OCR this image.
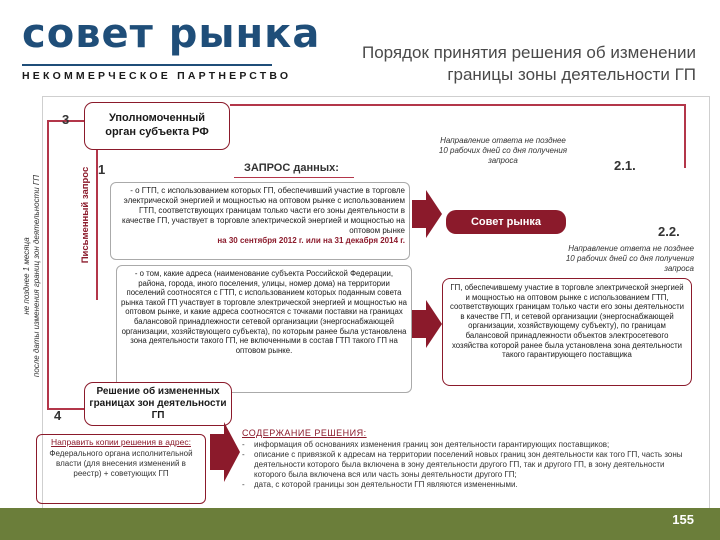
совет рынка
НЕКОММЕРЧЕСКОЕ ПАРТНЕРСТВО
Порядок принятия решения об изменении
границы зоны деятельности ГП
не позднее 1 месяца после даты изменения границ зон деятельности ГП	Письменный запрос
3
1
4
2.1.
2.2.
Уполномоченный
орган субъекта РФ
ЗАПРОС данных:
- о ГТП, с использованием которых ГП, обеспечивший участие в торговле электрической энергией и мощностью на оптовом рынке с использованием ГТП, соответствующих границам только части его зоны деятельности в качестве ГП, участвует в торговле электрической энергией и мощностью на оптовом рынке
на 30 сентября 2012 г. или на 31 декабря 2014 г.
- о том, какие адреса (наименование субъекта Российской Федерации, района, города, иного поселения, улицы, номер дома) на территории поселений соотносятся с ГТП, с использованием которых поданным совета рынка такой ГП участвует в торговле электрической энергией и мощностью на оптовом рынке, и какие адреса соотносятся с точками поставки на границах балансовой принадлежности сетевой организации (энергоснабжающей организации, хозяйствующего субъекта), по которым ранее была установлена зона деятельности такого ГП, не включенными в состав ГТП такого ГП на оптовом рынке.
Направление ответа не позднее 10 рабочих дней со дня получения запроса
Совет рынка
Направление ответа не позднее 10 рабочих дней со дня получения запроса
ГП, обеспечившему участие в торговле электрической энергией и мощностью на оптовом рынке с использованием ГТП, соответствующих границам только части его зоны деятельности в качестве ГП, и сетевой организации (энергоснабжающей организации, хозяйствующему субъекту), по границам балансовой принадлежности объектов электросетевого хозяйства которой ранее была установлена зона деятельности такого гарантирующего поставщика
Решение об измененных границах зон деятельности ГП
Направить копии решения в адрес:
Федерального органа исполнительной власти (для внесения изменений в реестр) + советующих ГП
СОДЕРЖАНИЕ РЕШЕНИЯ:
- информация об основаниях изменения границ зон деятельности гарантирующих поставщиков;
- описание с привязкой к адресам на территории поселений новых границ зон деятельности как того ГП, часть зоны деятельности которого была включена в зону деятельности другого ГП, так и другого ГП, в зону деятельности которого была включена вся или часть зоны деятельности другого ГП;
- дата, с которой границы зон деятельности ГП являются измененными.
155
